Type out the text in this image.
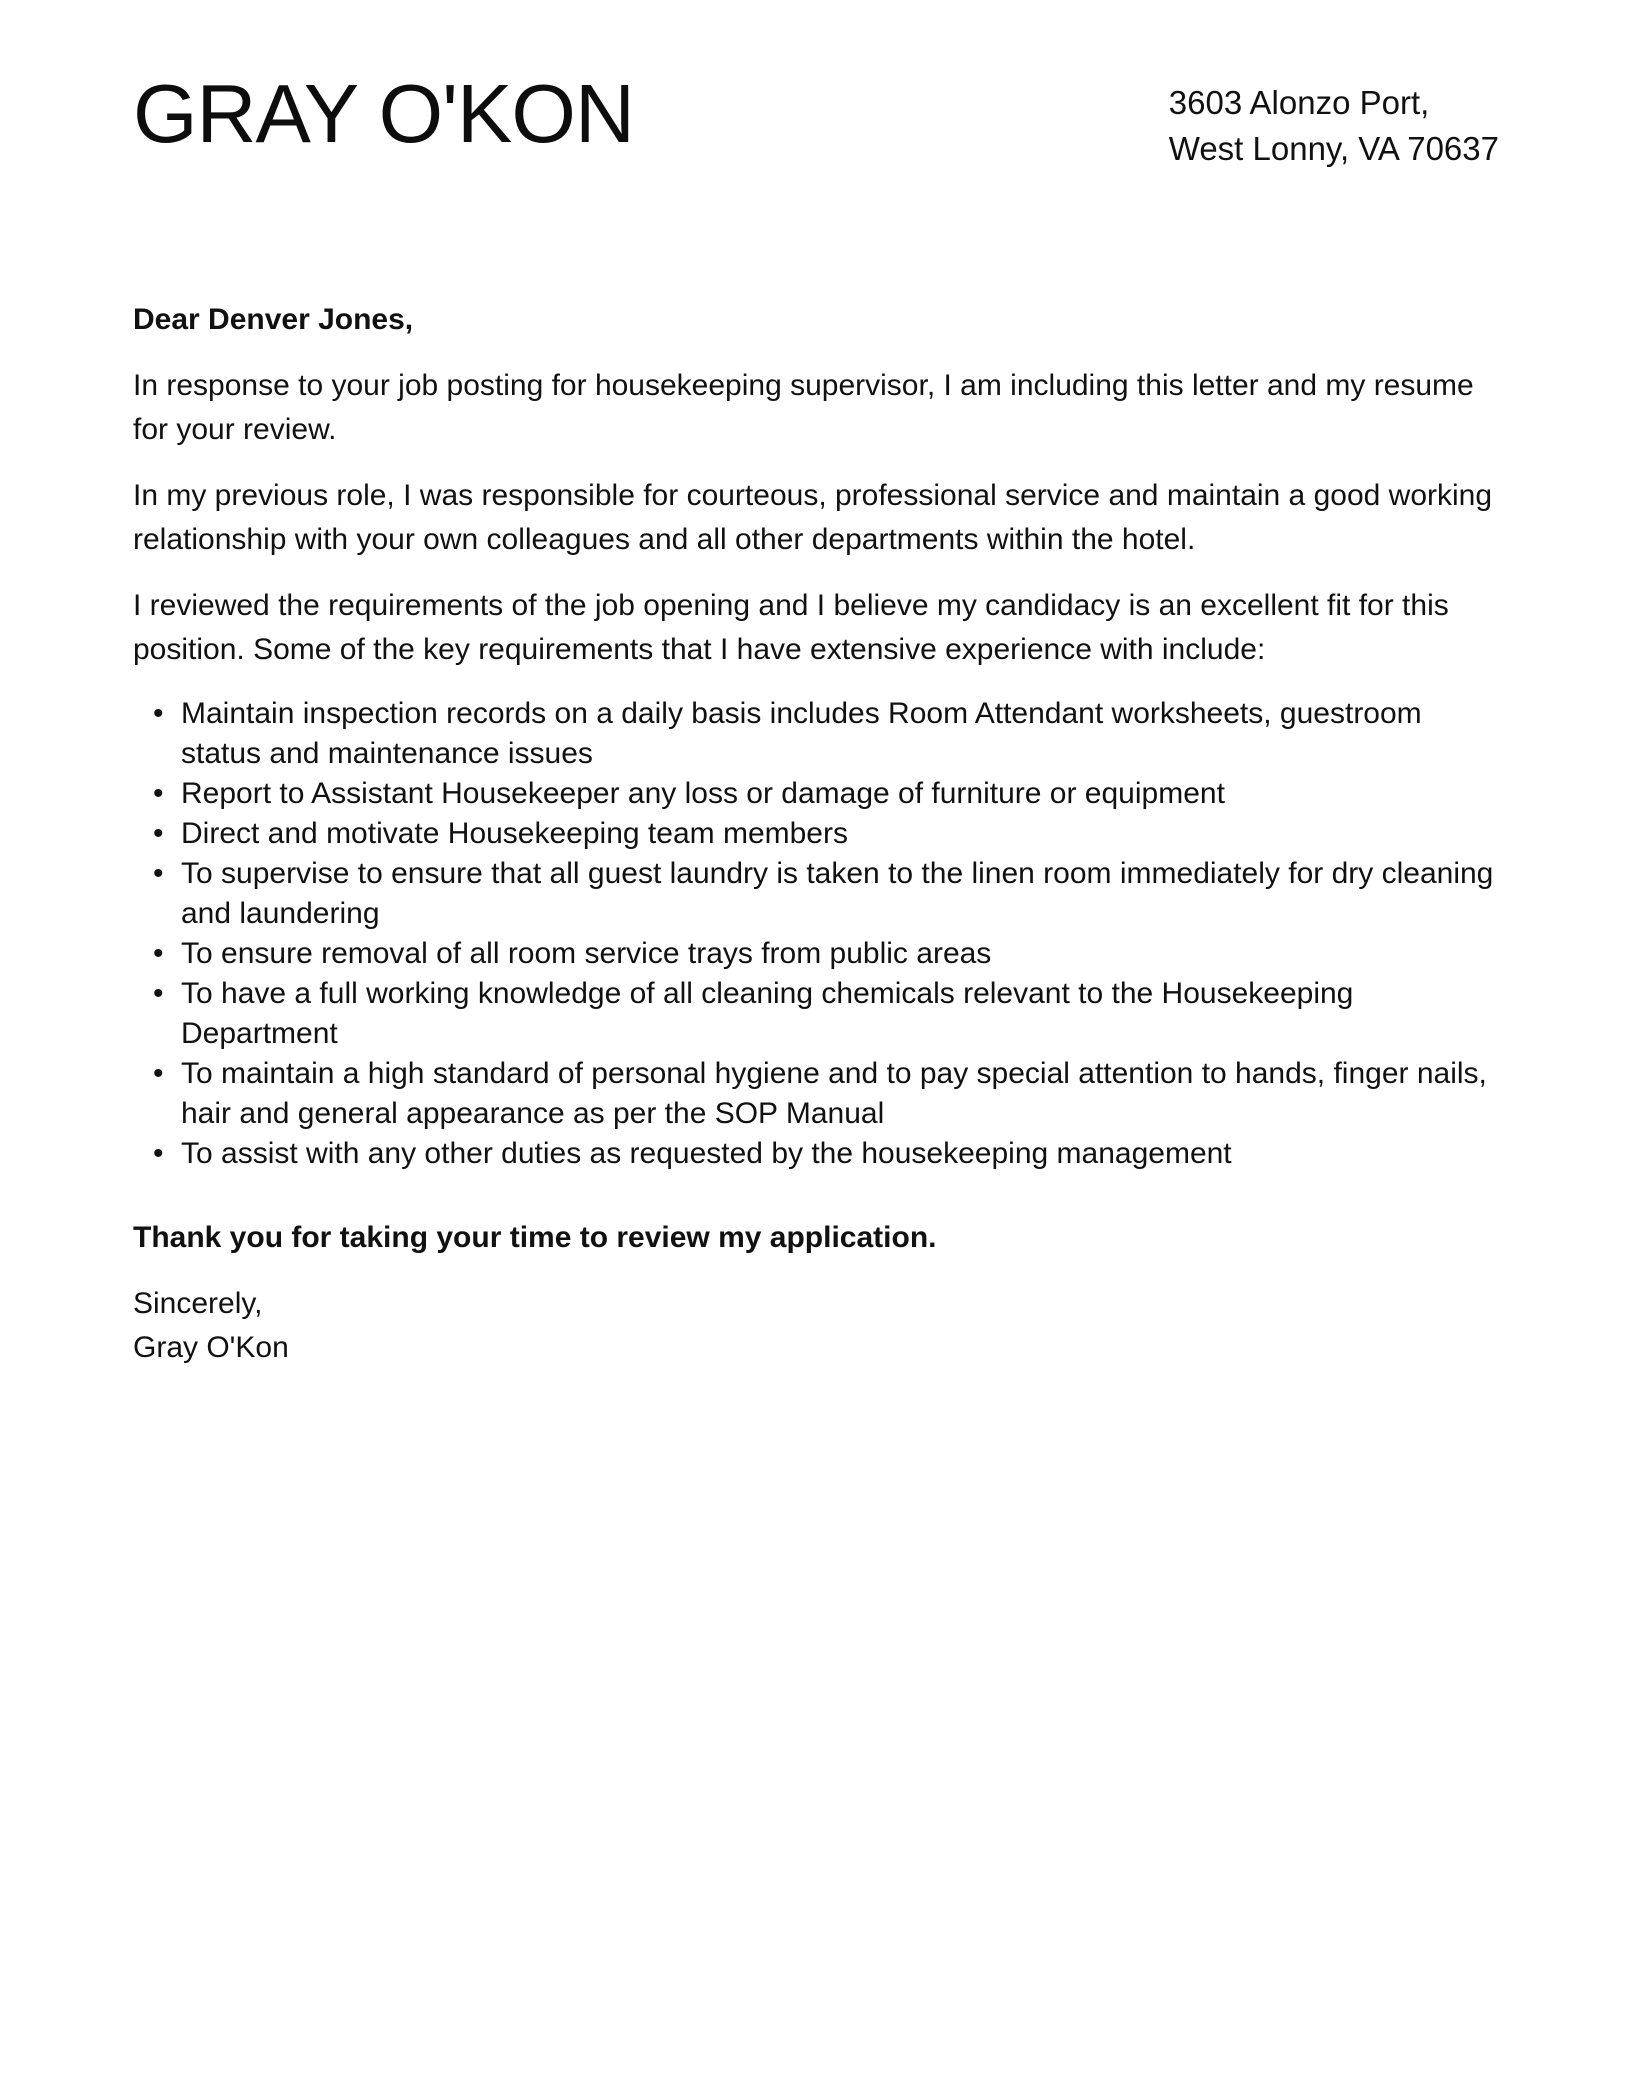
GRAY O'KON	3603 Alonzo Port,
West Lonny, VA 70637

Dear Denver Jones,

In response to your job posting for housekeeping supervisor, I am including this letter and my resume for your review.

In my previous role, I was responsible for courteous, professional service and maintain a good working relationship with your own colleagues and all other departments within the hotel.

I reviewed the requirements of the job opening and I believe my candidacy is an excellent fit for this position. Some of the key requirements that I have extensive experience with include:

• Maintain inspection records on a daily basis includes Room Attendant worksheets, guestroom status and maintenance issues
• Report to Assistant Housekeeper any loss or damage of furniture or equipment
• Direct and motivate Housekeeping team members
• To supervise to ensure that all guest laundry is taken to the linen room immediately for dry cleaning and laundering
• To ensure removal of all room service trays from public areas
• To have a full working knowledge of all cleaning chemicals relevant to the Housekeeping Department
• To maintain a high standard of personal hygiene and to pay special attention to hands, finger nails, hair and general appearance as per the SOP Manual
• To assist with any other duties as requested by the housekeeping management

Thank you for taking your time to review my application.

Sincerely,
Gray O'Kon
